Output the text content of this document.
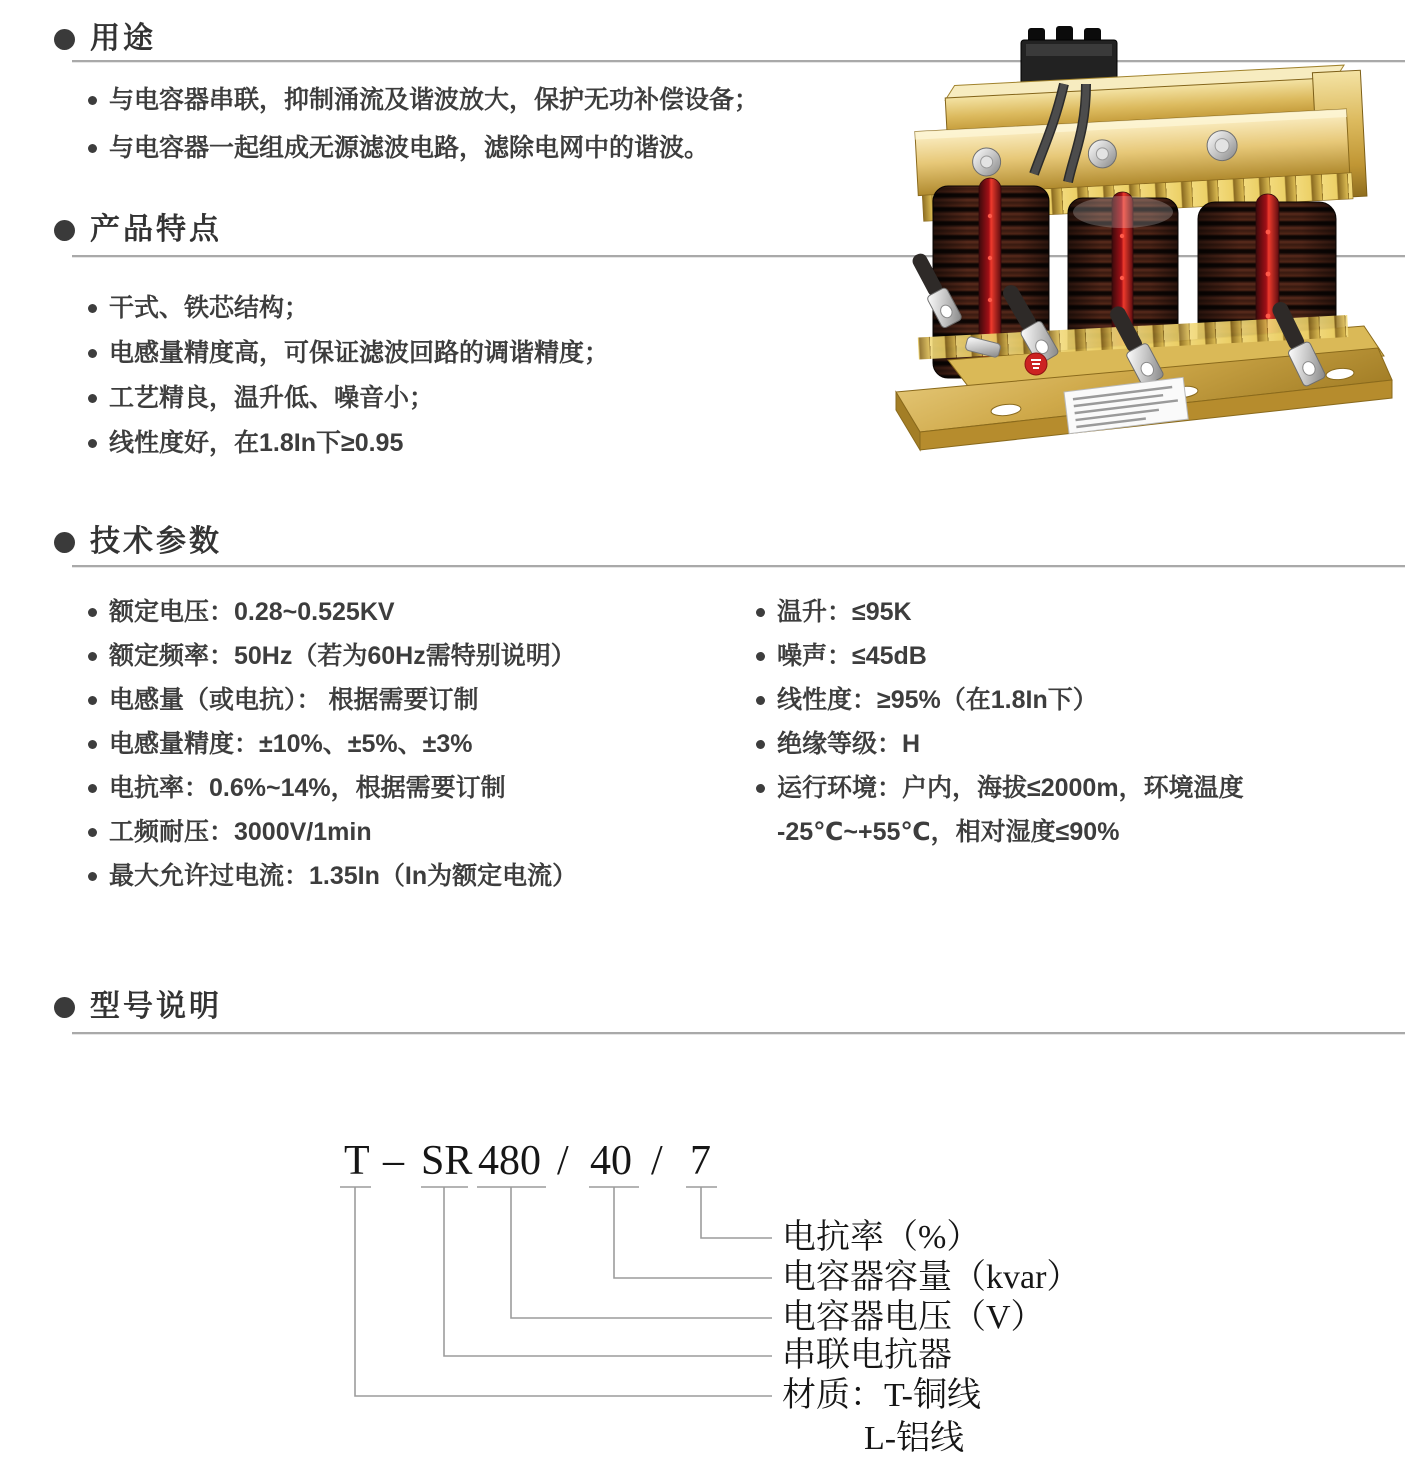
用途
与电容器串联，抑制涌流及谐波放大，保护无功补偿设备；
与电容器一起组成无源滤波电路，滤除电网中的谐波。
产品特点
干式、铁芯结构；
电感量精度高，可保证滤波回路的调谐精度；
工艺精良，温升低、噪音小；
线性度好，在1.8In下≥0.95
技术参数
额定电压：0.28~0.525KV
额定频率：50Hz（若为60Hz需特别说明）
电感量（或电抗）： 根据需要订制
电感量精度：±10%、±5%、±3%
电抗率：0.6%~14%，根据需要订制
工频耐压：3000V/1min
最大允许过电流：1.35In（In为额定电流）
温升：≤95K
噪声：≤45dB
线性度：≥95%（在1.8In下）
绝缘等级：H
运行环境：户内，海拔≤2000m，环境温度
-25℃~+55℃，相对湿度≤90%
型号说明
T – SR 480 / 40 / 7
电抗率（%）
电容器容量（kvar）
电容器电压（V）
串联电抗器
材质：T-铜线
L-铝线
